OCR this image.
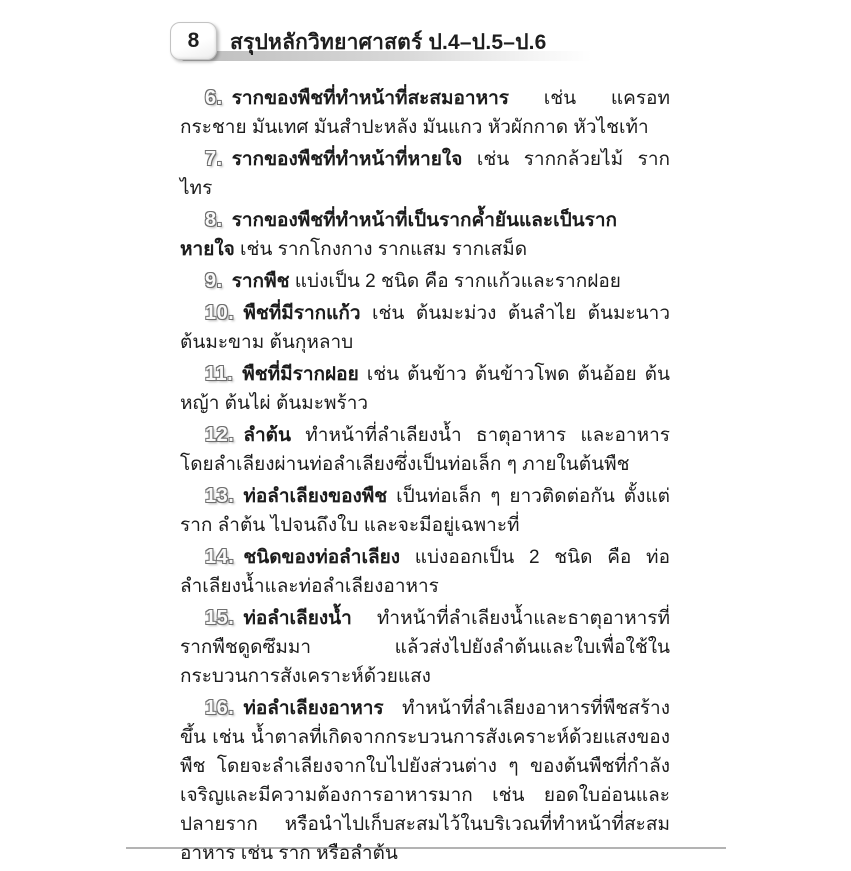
8 สรุปหลักวิทยาศาสตร์ ป.4–ป.5–ป.6

6. รากของพืชที่ทำหน้าที่สะสมอาหาร เช่น แครอท กระชาย มันเทศ มันสำปะหลัง มันแกว หัวผักกาด หัวไชเท้า

7. รากของพืชที่ทำหน้าที่หายใจ เช่น รากกล้วยไม้ รากไทร

8. รากของพืชที่ทำหน้าที่เป็นรากค้ำยันและเป็นรากหายใจ เช่น รากโกงกาง รากแสม รากเสม็ด

9. รากพืช แบ่งเป็น 2 ชนิด คือ รากแก้วและรากฝอย

10. พืชที่มีรากแก้ว เช่น ต้นมะม่วง ต้นลำไย ต้นมะนาว ต้นมะขาม ต้นกุหลาบ

11. พืชที่มีรากฝอย เช่น ต้นข้าว ต้นข้าวโพด ต้นอ้อย ต้นหญ้า ต้นไผ่ ต้นมะพร้าว

12. ลำต้น ทำหน้าที่ลำเลียงน้ำ ธาตุอาหาร และอาหาร โดยลำเลียงผ่านท่อลำเลียงซึ่งเป็นท่อเล็ก ๆ ภายในต้นพืช

13. ท่อลำเลียงของพืช เป็นท่อเล็ก ๆ ยาวติดต่อกัน ตั้งแต่ราก ลำต้น ไปจนถึงใบ และจะมีอยู่เฉพาะที่

14. ชนิดของท่อลำเลียง แบ่งออกเป็น 2 ชนิด คือ ท่อลำเลียงน้ำและท่อลำเลียงอาหาร

15. ท่อลำเลียงน้ำ ทำหน้าที่ลำเลียงน้ำและธาตุอาหารที่รากพืชดูดซึมมา แล้วส่งไปยังลำต้นและใบเพื่อใช้ในกระบวนการสังเคราะห์ด้วยแสง

16. ท่อลำเลียงอาหาร ทำหน้าที่ลำเลียงอาหารที่พืชสร้างขึ้น เช่น น้ำตาลที่เกิดจากกระบวนการสังเคราะห์ด้วยแสงของพืช โดยจะลำเลียงจากใบไปยังส่วนต่าง ๆ ของต้นพืชที่กำลังเจริญและมีความต้องการอาหารมาก เช่น ยอดใบอ่อนและปลายราก หรือนำไปเก็บสะสมไว้ในบริเวณที่ทำหน้าที่สะสมอาหาร เช่น ราก หรือลำต้น
